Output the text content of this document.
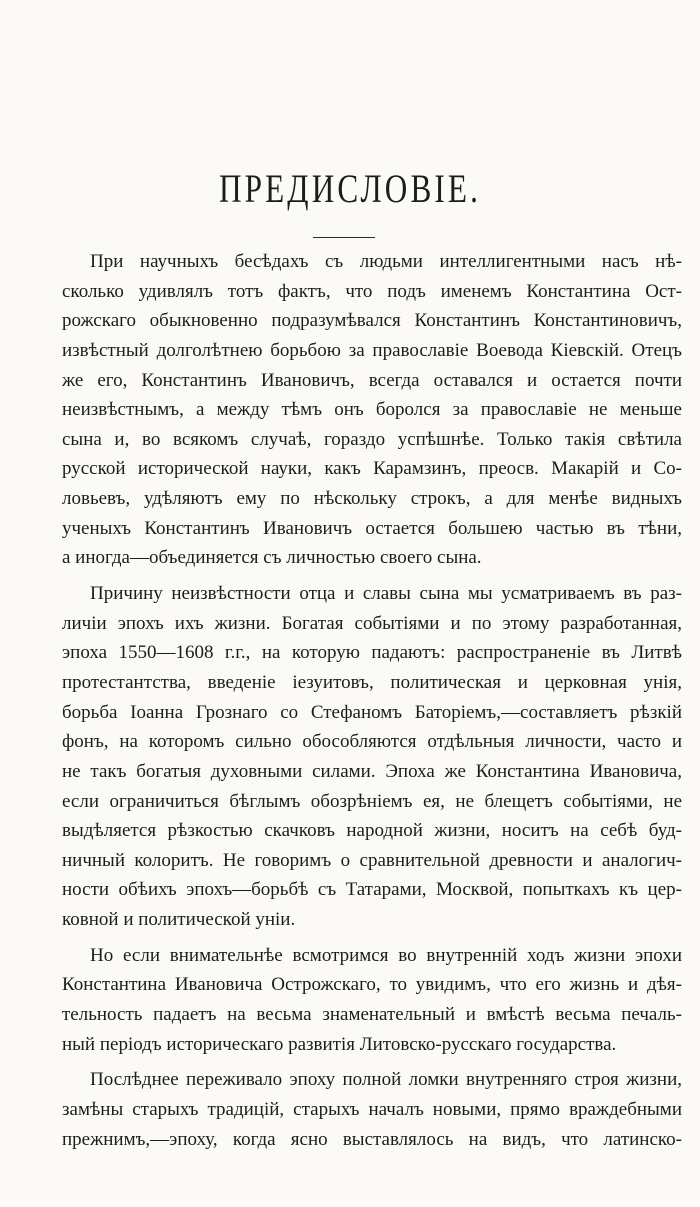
ПРЕДИСЛОВІЕ.
При научныхъ бесѣдахъ съ людьми интеллигентными насъ нѣ-
сколько удивлялъ тотъ фактъ, что подъ именемъ Константина Ост-
рожскаго обыкновенно подразумѣвался Константинъ Константиновичъ,
извѣстный долголѣтнею борьбою за православіе Воевода Кіевскій. Отецъ
же его, Константинъ Ивановичъ, всегда оставался и остается почти
неизвѣстнымъ, а между тѣмъ онъ боролся за православіе не меньше
сына и, во всякомъ случаѣ, гораздо успѣшнѣе. Только такія свѣтила
русской исторической науки, какъ Карамзинъ, преосв. Макарій и Со-
ловьевъ, удѣляютъ ему по нѣскольку строкъ, а для менѣе видныхъ
ученыхъ Константинъ Ивановичъ остается большею частью въ тѣни,
а иногда—объединяется съ личностью своего сына.
Причину неизвѣстности отца и славы сына мы усматриваемъ въ раз-
личіи эпохъ ихъ жизни. Богатая событіями и по этому разработанная,
эпоха 1550—1608 г.г., на которую падаютъ: распространеніе въ Литвѣ
протестантства, введеніе іезуитовъ, политическая и церковная унія,
борьба Іоанна Грознаго со Стефаномъ Баторіемъ,—составляетъ рѣзкій
фонъ, на которомъ сильно обособляются отдѣльныя личности, часто и
не такъ богатыя духовными силами. Эпоха же Константина Ивановича,
если ограничиться бѣглымъ обозрѣніемъ ея, не блещетъ событіями, не
выдѣляется рѣзкостью скачковъ народной жизни, носитъ на себѣ буд-
ничный колоритъ. Не говоримъ о сравнительной древности и аналогич-
ности обѣихъ эпохъ—борьбѣ съ Татарами, Москвой, попыткахъ къ цер-
ковной и политической уніи.
Но если внимательнѣе всмотримся во внутренній ходъ жизни эпохи
Константина Ивановича Острожскаго, то увидимъ, что его жизнь и дѣя-
тельность падаетъ на весьма знаменательный и вмѣстѣ весьма печаль-
ный періодъ историческаго развитія Литовско-русскаго государства.
Послѣднее переживало эпоху полной ломки внутренняго строя жизни,
замѣны старыхъ традицій, старыхъ началъ новыми, прямо враждебными
прежнимъ,—эпоху, когда ясно выставлялось на видъ, что латинско-
